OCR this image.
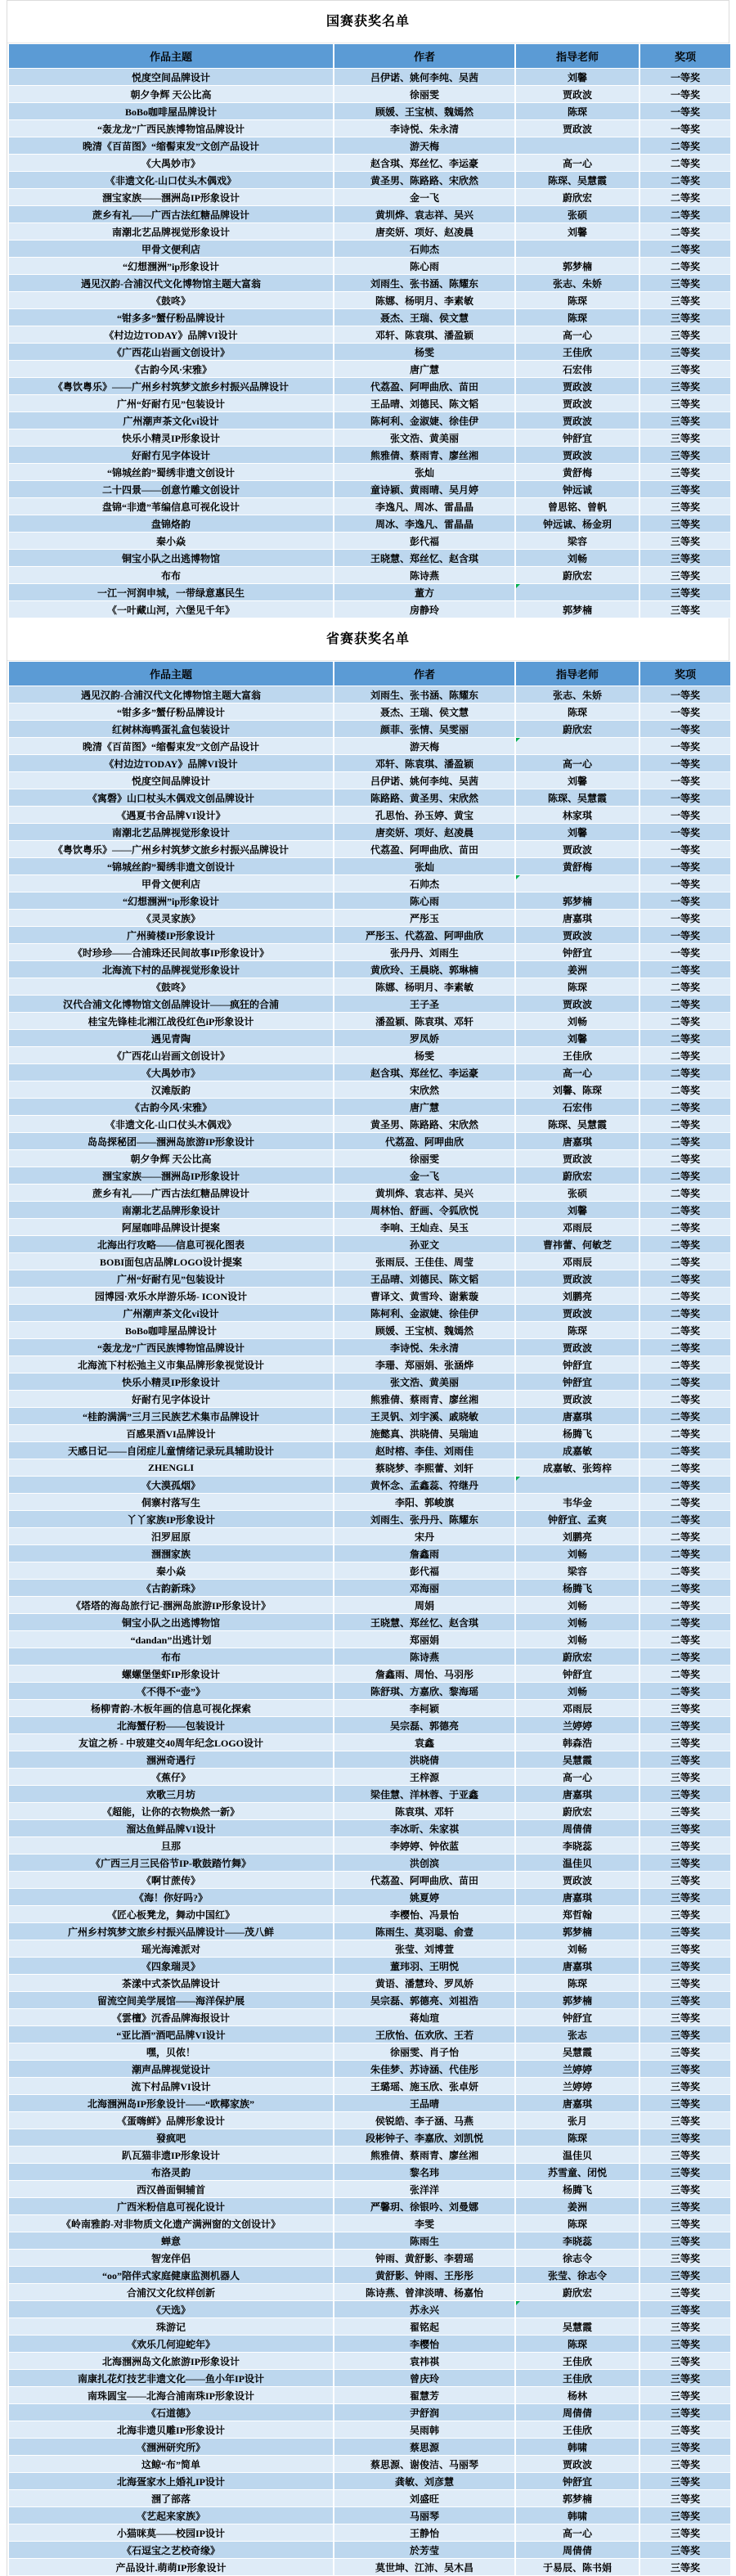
国赛获奖名单
作品主题	作者	指导老师	奖项
悦度空间品牌设计	吕伊诺、姚何李纯、吴茜	刘馨	一等奖
朝夕争辉 天公比高	徐丽雯	贾政波	一等奖
BoBo咖啡屋品牌设计	顾媛、王宝桢、魏嫣然	陈琛	一等奖
“轰龙龙”广西民族博物馆品牌设计	李诗悦、朱永清	贾政波	一等奖
晚清《百苗图》“缩髻束发”文创产品设计	游天梅		二等奖
《大禺妙市》	赵含琪、郑丝忆、李运豪	高一心	二等奖
《非遗文化-山口仗头木偶戏》	黄圣男、陈路路、宋欣然	陈琛、吴慧霞	二等奖
涠宝家族——涠洲岛IP形象设计	金一飞	蔚欣宏	二等奖
蔗乡有礼——广西古法红糖品牌设计	黄圳烨、袁志祥、吴兴	张硕	二等奖
南潮北艺品牌视觉形象设计	唐奕妍、项好、赵凌晨	刘馨	二等奖
甲骨文便利店	石帅杰		二等奖
“幻想涠洲”ip形象设计	陈心雨	郭梦楠	二等奖
遇见汉韵-合浦汉代文化博物馆主题大富翁	刘雨生、张书涵、陈耀东	张志、朱娇	三等奖
《鼓咚》	陈娜、杨明月、李素敏	陈琛	三等奖
“钳多多”蟹仔粉品牌设计	聂杰、王瑞、侯文慧	陈琛	三等奖
《村边边TODAY》品牌VI设计	邓轩、陈袁琪、潘盈颖	高一心	三等奖
《广西花山岩画文创设计》	杨雯	王佳欣	三等奖
《古韵今风·宋雅》	唐广慧	石宏伟	三等奖
《粤饮粤乐》——广州乡村筑梦文旅乡村振兴品牌设计	代荔盈、阿呷曲欣、苗田	贾政波	三等奖
广州“好耐冇见”包装设计	王品晴、刘德民、陈文韬	贾政波	三等奖
广州潮声茶文化vi设计	陈柯利、金淑婕、徐佳伊	贾政波	三等奖
快乐小精灵IP形象设计	张文浩、黄美丽	钟舒宜	三等奖
好耐冇见字体设计	熊雅倩、蔡雨青、廖丝湘	贾政波	三等奖
“锦城丝韵”蜀绣非遗文创设计	张灿	黄舒梅	三等奖
二十四景——创意竹雕文创设计	童诗颖、黄雨晴、吴月婷	钟远诚	三等奖
盘锦“非遗”苇编信息可视化设计	李逸凡、周冰、雷晶晶	曾思铭、曾帆	三等奖
盘锦烙韵	周冰、李逸凡、雷晶晶	钟远诚、杨金玥	三等奖
秦小焱	彭代福	梁容	三等奖
铜宝小队之出逃博物馆	王晓慧、郑丝忆、赵含琪	刘畅	三等奖
布布	陈诗燕	蔚欣宏	三等奖
一江一河润申城，一带绿意惠民生	董方		三等奖
《一叶藏山河，六堡见千年》	房静玲	郭梦楠	三等奖
省赛获奖名单
作品主题	作者	指导老师	奖项
遇见汉韵-合浦汉代文化博物馆主题大富翁	刘雨生、张书涵、陈耀东	张志、朱娇	一等奖
“钳多多”蟹仔粉品牌设计	聂杰、王瑞、侯文慧	陈琛	一等奖
红树林海鸭蛋礼盒包装设计	颜菲、张情、吴雯丽	蔚欣宏	一等奖
晚清《百苗图》“缩髻束发”文创产品设计	游天梅		一等奖
《村边边TODAY》品牌VI设计	邓轩、陈袁琪、潘盈颖	高一心	一等奖
悦度空间品牌设计	吕伊诺、姚何李纯、吴茜	刘馨	一等奖
《寓磬》山口杖头木偶戏文创品牌设计	陈路路、黄圣男、宋欣然	陈琛、吴慧霞	一等奖
《遇夏书舍品牌VI设计》	孔思怡、孙玉婷、黄宝	林家琪	一等奖
南潮北艺品牌视觉形象设计	唐奕妍、项好、赵凌晨	刘馨	一等奖
《粤饮粤乐》——广州乡村筑梦文旅乡村振兴品牌设计	代荔盈、阿呷曲欣、苗田	贾政波	一等奖
“锦城丝韵”蜀绣非遗文创设计	张灿	黄舒梅	一等奖
甲骨文便利店	石帅杰		一等奖
“幻想涠洲”ip形象设计	陈心雨	郭梦楠	一等奖
《灵灵家族》	严彤玉	唐嘉琪	一等奖
广州骑楼IP形象设计	严彤玉、代荔盈、阿呷曲欣	贾政波	一等奖
《时珍珍——合浦珠还民间故事IP形象设计》	张丹丹、刘雨生	钟舒宜	一等奖
北海流下村的品牌视觉形象设计	黄欣玲、王晨晓、郭琳楠	姜洲	二等奖
《鼓咚》	陈娜、杨明月、李素敏	陈琛	二等奖
汉代合浦文化博物馆文创品牌设计——疯狂的合浦	王子圣	贾政波	二等奖
桂宝先锋桂北湘江战役红色iP形象设计	潘盈颖、陈袁琪、邓轩	刘畅	二等奖
遇见青陶	罗凤娇	刘馨	二等奖
《广西花山岩画文创设计》	杨雯	王佳欣	二等奖
《大禺妙市》	赵含琪、郑丝忆、李运豪	高一心	二等奖
汉滩版韵	宋欣然	刘馨、陈琛	二等奖
《古韵今风·宋雅》	唐广慧	石宏伟	二等奖
《非遗文化-山口仗头木偶戏》	黄圣男、陈路路、宋欣然	陈琛、吴慧霞	二等奖
岛岛探秘团——涠洲岛旅游IP形象设计	代荔盈、阿呷曲欣	唐嘉琪	二等奖
朝夕争辉 天公比高	徐丽雯	贾政波	二等奖
涠宝家族——涠洲岛IP形象设计	金一飞	蔚欣宏	二等奖
蔗乡有礼——广西古法红糖品牌设计	黄圳烨、袁志祥、吴兴	张硕	二等奖
南潮北艺品牌形象设计	周林怡、舒画、令狐欣悦	刘馨	二等奖
阿屋咖啡品牌设计提案	李响、王灿垚、吴玉	邓雨辰	二等奖
北海出行攻略——信息可视化图表	孙亚文	曹祎蕾、何敏芝	二等奖
BOBI面包店品牌LOGO设计提案	张雨辰、王佳佳、周莹	邓雨辰	二等奖
广州“好耐冇见”包装设计	王品晴、刘德民、陈文韬	贾政波	二等奖
园博园·欢乐水岸游乐场- ICON设计	曹译文、黄雪玲、谢紫璇	刘鹏亮	二等奖
广州潮声茶文化vi设计	陈柯利、金淑婕、徐佳伊	贾政波	二等奖
BoBo咖啡屋品牌设计	顾媛、王宝桢、魏嫣然	陈琛	二等奖
“轰龙龙”广西民族博物馆品牌设计	李诗悦、朱永清	贾政波	二等奖
北海流下村松弛主义市集品牌形象视觉设计	李珊、郑丽娟、张涵烨	钟舒宜	二等奖
快乐小精灵IP形象设计	张文浩、黄美丽	钟舒宜	二等奖
好耐冇见字体设计	熊雅倩、蔡雨青、廖丝湘	贾政波	二等奖
“桂韵满满”三月三民族艺术集市品牌设计	王灵钒、刘宇溪、戚晓敏	唐嘉琪	二等奖
百感果酒VI品牌设计	施懿真、洪晓倩、吴瑞迪	杨腾飞	二等奖
天感日记——自闭症儿童情绪记录玩具辅助设计	赵时榕、李佳、刘雨佳	成嘉敏	二等奖
ZHENGLI	蔡晓梦、李熙蕾、刘轩	成嘉敏、张筠梓	二等奖
《大漠孤烟》	黄怀念、孟鑫蕊、符继丹		二等奖
侗寨村落写生	李阳、郭峻旗	韦华金	二等奖
丫丫家族IP形象设计	刘雨生、张丹丹、陈耀东	钟舒宜、孟爽	二等奖
汨罗屈原	宋丹	刘鹏亮	二等奖
涠涠家族	詹鑫雨	刘畅	二等奖
秦小焱	彭代福	梁容	二等奖
《古韵新珠》	邓海丽	杨腾飞	二等奖
《塔塔的海岛旅行记-涠洲岛旅游IP形象设计》	周娟	刘畅	二等奖
铜宝小队之出逃博物馆	王晓慧、郑丝忆、赵含琪	刘畅	二等奖
“dandan”出逃计划	郑丽娟	刘畅	二等奖
布布	陈诗燕	蔚欣宏	二等奖
螺螺堡堡虾IP形象设计	詹鑫雨、周怡、马羽彤	钟舒宜	二等奖
《不得不“壶”》	陈舒琪、方嘉欣、黎海瑶	刘畅	二等奖
杨柳青韵-木板年画的信息可视化探索	李柯颖	邓雨辰	三等奖
北海蟹仔粉——包装设计	吴宗磊、郭德亮	兰婷婷	三等奖
友谊之桥 - 中玻建交40周年纪念LOGO设计	袁鑫	韩森浩	三等奖
涠洲奇遇行	洪晓倩	吴慧霞	三等奖
《蕉仔》	王梓源	高一心	三等奖
欢歌三月坊	梁佳慧、洋林蓉、于亚鑫	唐嘉琪	三等奖
《超能，让你的衣物焕然一新》	陈袁琪、邓轩	蔚欣宏	三等奖
溜达鱼鲜品牌VI设计	李冰昕、朱家祺	周倩倩	三等奖
旦那	李婷婷、钟依蓝	李晓蕊	三等奖
《广西三月三民俗节IP-歌鼓踏竹舞》	洪创滨	温佳贝	三等奖
《啊甘蔗传》	代荔盈、阿呷曲欣、苗田	贾政波	三等奖
《海！你好吗?》	姚夏婷	唐嘉琪	三等奖
《匠心板凳龙，舞动中国红》	李樱怡、冯景怡	郑哲翰	三等奖
广州乡村筑梦文旅乡村振兴品牌设计——茂八鲜	陈雨生、莫羽聪、俞壹	郭梦楠	三等奖
瑶光海滩派对	张莹、刘博萱	刘畅	三等奖
《四象瑞灵》	董玮羽、王明悦	唐嘉琪	三等奖
茶漾中式茶饮品牌设计	黄语、潘慧玲、罗凤娇	陈琛	三等奖
留流空间美学展馆——海洋保护展	吴宗磊、郭德亮、刘祖浩	郭梦楠	三等奖
《雲檀》沉香品牌海报设计	蒋灿瑄	钟舒宜	三等奖
“亚比酒”酒吧品牌VI设计	王欣怡、伍欢欣、王若	张志	三等奖
嘿，贝侬！	徐丽雯、肖子怡	吴慧霞	三等奖
潮声品牌视觉设计	朱佳梦、苏诗涵、代佳彤	兰婷婷	三等奖
流下村品牌VI设计	王璐瑶、施玉欣、张卓妍	兰婷婷	三等奖
北海涠洲岛IP形象设计——“欧椰家族”	王品晴	唐嘉琪	三等奖
《蛋嗨鲜》品牌形象设计	侯锐皓、李子涵、马燕	张月	三等奖
發疯吧	段彬钟子、李嘉欣、刘凯悦	陈琛	三等奖
趴瓦猫非遗IP形象设计	熊雅倩、蔡雨青、廖丝湘	温佳贝	三等奖
布洛灵韵	黎名玮	苏雪童、闭悦	三等奖
西汉兽面铜辅首	张洋洋	杨腾飞	三等奖
广西米粉信息可视化设计	严馨玥、徐银吟、刘曼娜	姜洲	三等奖
《岭南雅韵-对非物质文化遗产满洲窗的文创设计》	李雯	陈琛	三等奖
蝉意	陈雨生	李晓蕊	三等奖
智宠伴侣	钟雨、黄舒影、李碧瑶	徐志令	三等奖
“oo”陪伴式家庭健康监测机器人	黄舒影、钟雨、王彤彤	张莹、徐志令	三等奖
合浦汉文化纹样创新	陈诗燕、曾津淡晴、杨嘉怡	蔚欣宏	三等奖
《天选》	苏永兴		三等奖
珠游记	翟铭起	吴慧霞	三等奖
《欢乐几何迎蛇年》	李樱怡	陈琛	三等奖
北海涠洲岛文化旅游IP形象设计	袁祎祺	王佳欣	三等奖
南康扎花灯技艺非遗文化——鱼小年IP设计	曾庆玲	王佳欣	三等奖
南珠圆宝——北海合浦南珠IP形象设计	翟慧芳	杨林	三等奖
《石道德》	尹舒润	周倩倩	三等奖
北海非遗贝雕IP形象设计	吴雨韩	王佳欣	三等奖
《涠洲研究所》	蔡思源	韩啸	三等奖
这鲸“布”简单	蔡思源、谢俊洁、马丽琴	贾政波	三等奖
北海疍家水上婚礼IP设计	龚敏、刘彦慧	钟舒宜	三等奖
涠了部落	刘盛旺	郭梦楠	三等奖
《艺起来家族》	马丽琴	韩啸	三等奖
小猫咪莫——校园IP设计	王静怡	高一心	三等奖
《石逗宝之艺校奇缘》	於芳莹	周倩倩	三等奖
产品设计.萌萌IP形象设计	莫世坤、江沛、吴木昌	于易辰、陈书娟	三等奖
